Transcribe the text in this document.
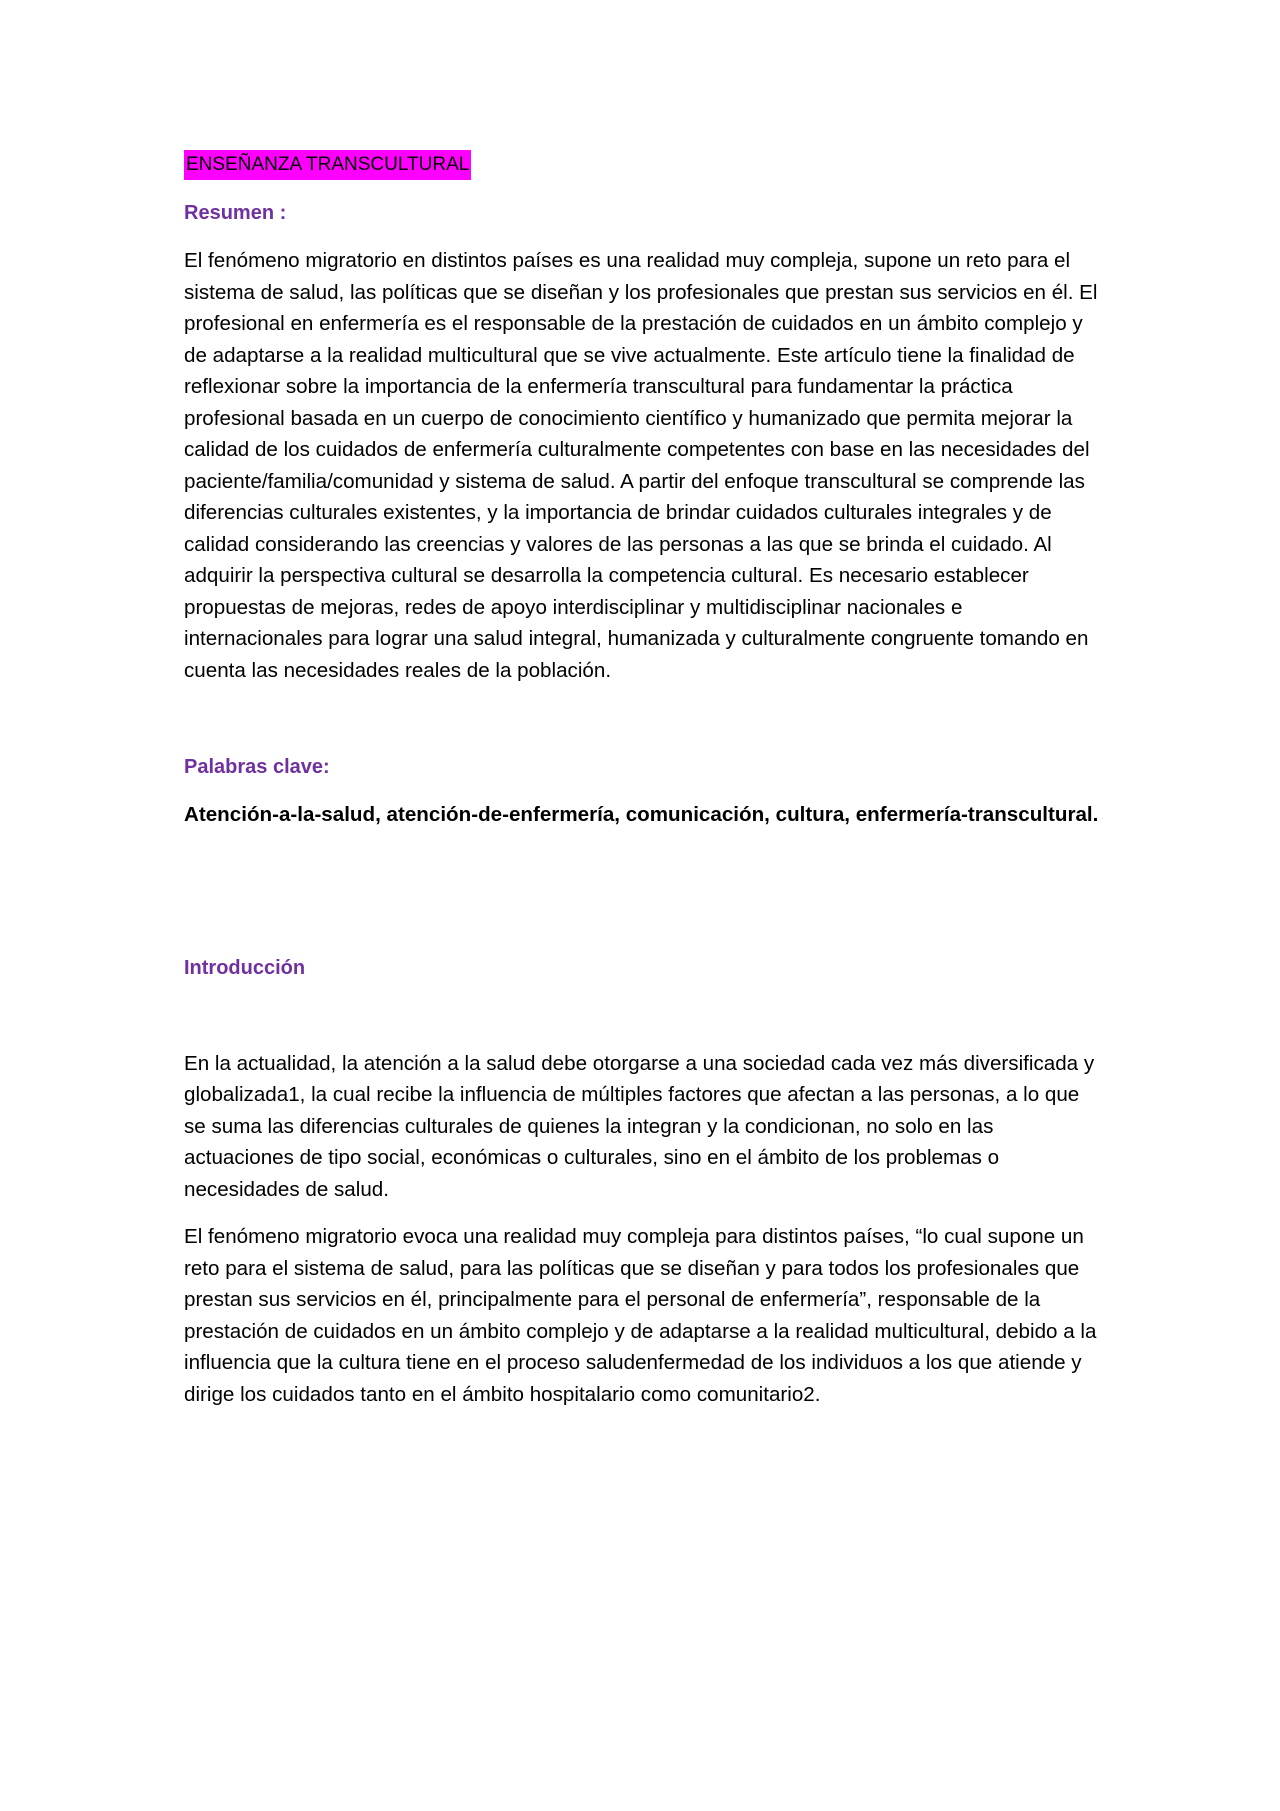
ENSEÑANZA TRANSCULTURAL
Resumen :

El fenómeno migratorio en distintos países es una realidad muy compleja, supone un reto para el sistema de salud, las políticas que se diseñan y los profesionales que prestan sus servicios en él. El profesional en enfermería es el responsable de la prestación de cuidados en un ámbito complejo y de adaptarse a la realidad multicultural que se vive actualmente. Este artículo tiene la finalidad de reflexionar sobre la importancia de la enfermería transcultural para fundamentar la práctica profesional basada en un cuerpo de conocimiento científico y humanizado que permita mejorar la calidad de los cuidados de enfermería culturalmente competentes con base en las necesidades del paciente/familia/comunidad y sistema de salud. A partir del enfoque transcultural se comprende las diferencias culturales existentes, y la importancia de brindar cuidados culturales integrales y de calidad considerando las creencias y valores de las personas a las que se brinda el cuidado. Al adquirir la perspectiva cultural se desarrolla la competencia cultural. Es necesario establecer propuestas de mejoras, redes de apoyo interdisciplinar y multidisciplinar nacionales e internacionales para lograr una salud integral, humanizada y culturalmente congruente tomando en cuenta las necesidades reales de la población.

Palabras clave:

Atención-a-la-salud, atención-de-enfermería, comunicación, cultura, enfermería-transcultural.

Introducción

En la actualidad, la atención a la salud debe otorgarse a una sociedad cada vez más diversificada y globalizada1, la cual recibe la influencia de múltiples factores que afectan a las personas, a lo que se suma las diferencias culturales de quienes la integran y la condicionan, no solo en las actuaciones de tipo social, económicas o culturales, sino en el ámbito de los problemas o necesidades de salud.

El fenómeno migratorio evoca una realidad muy compleja para distintos países, “lo cual supone un reto para el sistema de salud, para las políticas que se diseñan y para todos los profesionales que prestan sus servicios en él, principalmente para el personal de enfermería”, responsable de la prestación de cuidados en un ámbito complejo y de adaptarse a la realidad multicultural, debido a la influencia que la cultura tiene en el proceso saludenfermedad de los individuos a los que atiende y dirige los cuidados tanto en el ámbito hospitalario como comunitario2.
